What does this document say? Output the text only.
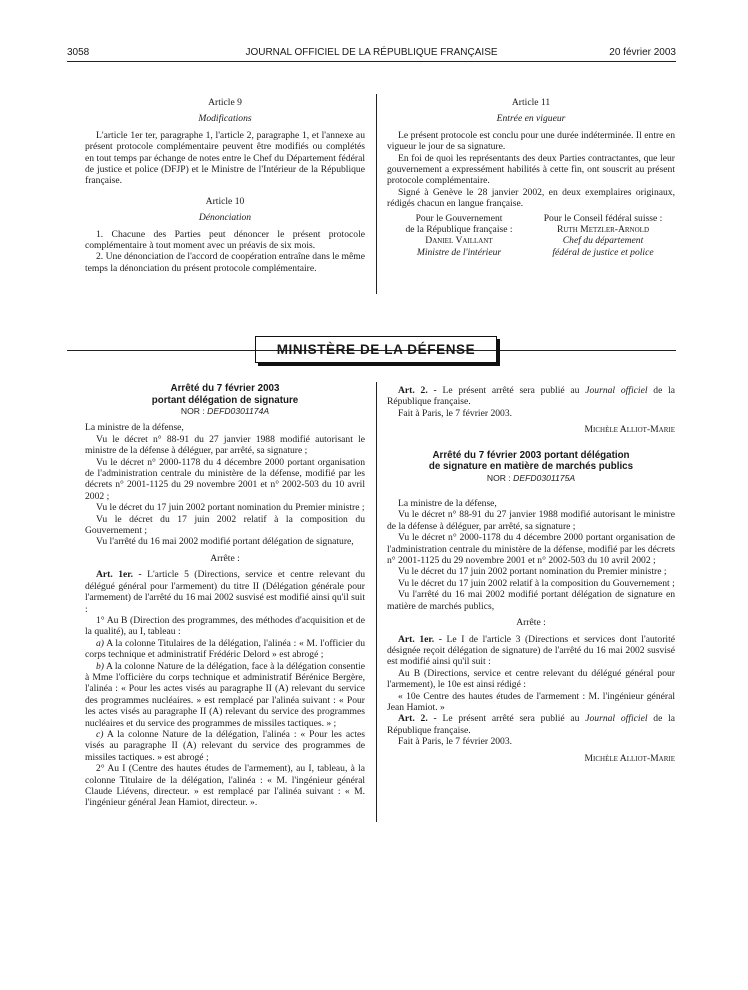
3058	JOURNAL OFFICIEL DE LA RÉPUBLIQUE FRANÇAISE	20 février 2003

Article 9

Modifications

L'article 1er ter, paragraphe 1, l'article 2, paragraphe 1, et l'annexe au présent protocole complémentaire peuvent être modifiés ou complétés en tout temps par échange de notes entre le Chef du Département fédéral de justice et police (DFJP) et le Ministre de l'Intérieur de la République française.

Article 10

Dénonciation

1. Chacune des Parties peut dénoncer le présent protocole complémentaire à tout moment avec un préavis de six mois.

2. Une dénonciation de l'accord de coopération entraîne dans le même temps la dénonciation du présent protocole complémentaire.

Article 11

Entrée en vigueur

Le présent protocole est conclu pour une durée indéterminée. Il entre en vigueur le jour de sa signature.

En foi de quoi les représentants des deux Parties contractantes, que leur gouvernement a expressément habilités à cette fin, ont souscrit au présent protocole complémentaire.

Signé à Genève le 28 janvier 2002, en deux exemplaires originaux, rédigés chacun en langue française.

Pour le Gouvernement
de la République française :
Daniel Vaillant
Ministre de l'intérieur
Pour le Conseil fédéral suisse :
Ruth Metzler-Arnold
Chef du département
fédéral de justice et police
MINISTÈRE DE LA DÉFENSE

Arrêté du 7 février 2003

portant délégation de signature

NOR : DEFD0301174A

La ministre de la défense,

Vu le décret n° 88-91 du 27 janvier 1988 modifié autorisant le ministre de la défense à déléguer, par arrêté, sa signature ;

Vu le décret n° 2000-1178 du 4 décembre 2000 portant organisation de l'administration centrale du ministère de la défense, modifié par les décrets n° 2001-1125 du 29 novembre 2001 et n° 2002-503 du 10 avril 2002 ;

Vu le décret du 17 juin 2002 portant nomination du Premier ministre ;

Vu le décret du 17 juin 2002 relatif à la composition du Gouvernement ;

Vu l'arrêté du 16 mai 2002 modifié portant délégation de signature,

Arrête :

Art. 1er. - L'article 5 (Directions, service et centre relevant du délégué général pour l'armement) du titre II (Délégation générale pour l'armement) de l'arrêté du 16 mai 2002 susvisé est modifié ainsi qu'il suit :

1° Au B (Direction des programmes, des méthodes d'acquisition et de la qualité), au I, tableau :

a) A la colonne Titulaires de la délégation, l'alinéa : « M. l'officier du corps technique et administratif Frédéric Delord » est abrogé ;

b) A la colonne Nature de la délégation, face à la délégation consentie à Mme l'officière du corps technique et administratif Bérénice Bergère, l'alinéa : « Pour les actes visés au paragraphe II (A) relevant du service des programmes nucléaires. » est remplacé par l'alinéa suivant : « Pour les actes visés au paragraphe II (A) relevant du service des programmes nucléaires et du service des programmes de missiles tactiques. » ;

c) A la colonne Nature de la délégation, l'alinéa : « Pour les actes visés au paragraphe II (A) relevant du service des programmes de missiles tactiques. » est abrogé ;

2° Au I (Centre des hautes études de l'armement), au I, tableau, à la colonne Titulaire de la délégation, l'alinéa : « M. l'ingénieur général Claude Liévens, directeur. » est remplacé par l'alinéa suivant : « M. l'ingénieur général Jean Hamiot, directeur. ».

Art. 2. - Le présent arrêté sera publié au Journal officiel de la République française.

Fait à Paris, le 7 février 2003.

Michèle Alliot-Marie

Arrêté du 7 février 2003 portant délégation

de signature en matière de marchés publics

NOR : DEFD0301175A

La ministre de la défense,

Vu le décret n° 88-91 du 27 janvier 1988 modifié autorisant le ministre de la défense à déléguer, par arrêté, sa signature ;

Vu le décret n° 2000-1178 du 4 décembre 2000 portant organisation de l'administration centrale du ministère de la défense, modifié par les décrets n° 2001-1125 du 29 novembre 2001 et n° 2002-503 du 10 avril 2002 ;

Vu le décret du 17 juin 2002 portant nomination du Premier ministre ;

Vu le décret du 17 juin 2002 relatif à la composition du Gouvernement ;

Vu l'arrêté du 16 mai 2002 modifié portant délégation de signature en matière de marchés publics,

Arrête :

Art. 1er. - Le I de l'article 3 (Directions et services dont l'autorité désignée reçoit délégation de signature) de l'arrêté du 16 mai 2002 susvisé est modifié ainsi qu'il suit :

Au B (Directions, service et centre relevant du délégué général pour l'armement), le 10e est ainsi rédigé :

« 10e Centre des hautes études de l'armement : M. l'ingénieur général Jean Hamiot. »

Art. 2. - Le présent arrêté sera publié au Journal officiel de la République française.

Fait à Paris, le 7 février 2003.

Michèle Alliot-Marie
